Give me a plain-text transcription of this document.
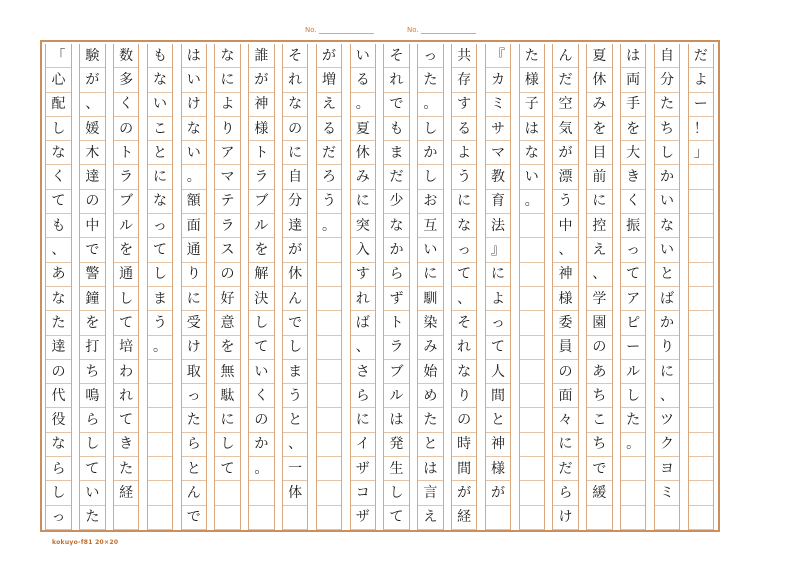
No.	No.
だ
よ
ー
！
」
自
分
た
ち
し
か
い
な
い
と
ば
か
り
に
、
ツ
ク
ヨ
ミ
は
両
手
を
大
き
く
振
っ
て
ア
ピ
ー
ル
し
た
。
夏
休
み
を
目
前
に
控
え
、
学
園
の
あ
ち
こ
ち
で
緩
ん
だ
空
気
が
漂
う
中
、
神
様
委
員
の
面
々
に
だ
ら
け
た
様
子
は
な
い
。
『
カ
ミ
サ
マ
教
育
法
』
に
よ
っ
て
人
間
と
神
様
が
共
存
す
る
よ
う
に
な
っ
て
、
そ
れ
な
り
の
時
間
が
経
っ
た
。
し
か
し
お
互
い
に
馴
染
み
始
め
た
と
は
言
え
そ
れ
で
も
ま
だ
少
な
か
ら
ず
ト
ラ
ブ
ル
は
発
生
し
て
い
る
。
夏
休
み
に
突
入
す
れ
ば
、
さ
ら
に
イ
ザ
コ
ザ
が
増
え
る
だ
ろ
う
。
そ
れ
な
の
に
自
分
達
が
休
ん
で
し
ま
う
と
、
一
体
誰
が
神
様
ト
ラ
ブ
ル
を
解
決
し
て
い
く
の
か
。
な
に
よ
り
ア
マ
テ
ラ
ス
の
好
意
を
無
駄
に
し
て
は
い
け
な
い
。
額
面
通
り
に
受
け
取
っ
た
ら
と
ん
で
も
な
い
こ
と
に
な
っ
て
し
ま
う
。
数
多
く
の
ト
ラ
ブ
ル
を
通
し
て
培
わ
れ
て
き
た
経
験
が
、
媛
木
達
の
中
で
警
鐘
を
打
ち
鳴
ら
し
て
い
た
「
心
配
し
な
く
て
も
、
あ
な
た
達
の
代
役
な
ら
し
っ
kokuyo-f81 20×20
